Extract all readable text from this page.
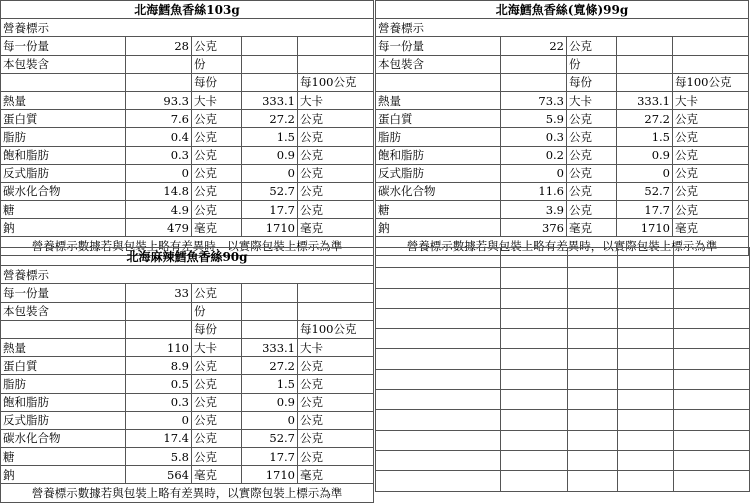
北海鱈魚香絲103g				
營養標示				
每一份量	28	公克		
本包裝含		份		
		每份		每100公克
熱量	93.3	大卡	333.1	大卡
蛋白質	7.6	公克	27.2	公克
脂肪	0.4	公克	1.5	公克
飽和脂肪	0.3	公克	0.9	公克
反式脂肪	0	公克	0	公克
碳水化合物	14.8	公克	52.7	公克
糖	4.9	公克	17.7	公克
鈉	479	毫克	1710	毫克
營養標示數據若與包裝上略有差異時，以實際包裝上標示為準				
北海鱈魚香絲(寬條)99g				
營養標示				
每一份量	22	公克		
本包裝含		份		
		每份		每100公克
熱量	73.3	大卡	333.1	大卡
蛋白質	5.9	公克	27.2	公克
脂肪	0.3	公克	1.5	公克
飽和脂肪	0.2	公克	0.9	公克
反式脂肪	0	公克	0	公克
碳水化合物	11.6	公克	52.7	公克
糖	3.9	公克	17.7	公克
鈉	376	毫克	1710	毫克
營養標示數據若與包裝上略有差異時，以實際包裝上標示為準				
北海麻辣鱈魚香絲90g				
營養標示				
每一份量	33	公克		
本包裝含		份		
		每份		每100公克
熱量	110	大卡	333.1	大卡
蛋白質	8.9	公克	27.2	公克
脂肪	0.5	公克	1.5	公克
飽和脂肪	0.3	公克	0.9	公克
反式脂肪	0	公克	0	公克
碳水化合物	17.4	公克	52.7	公克
糖	5.8	公克	17.7	公克
鈉	564	毫克	1710	毫克
營養標示數據若與包裝上略有差異時，以實際包裝上標示為準				
